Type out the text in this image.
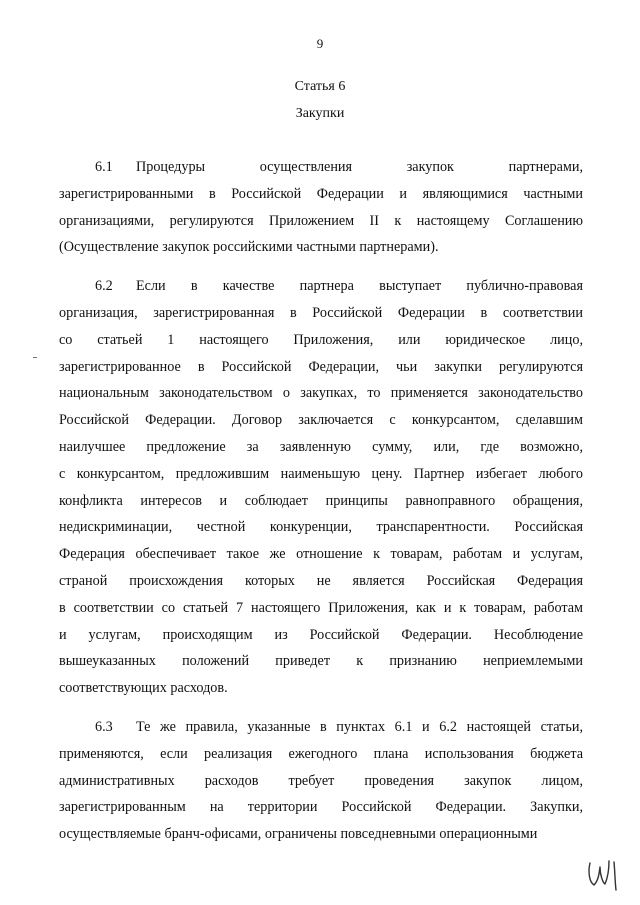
9
Статья 6
Закупки
6.1 Процедуры осуществления закупок партнерами,
зарегистрированными в Российской Федерации и являющимися частными
организациями, регулируются Приложением II к настоящему Соглашению
(Осуществление закупок российскими частными партнерами).
6.2 Если в качестве партнера выступает публично-правовая
организация, зарегистрированная в Российской Федерации в соответствии
со статьей 1 настоящего Приложения, или юридическое лицо,
зарегистрированное в Российской Федерации, чьи закупки регулируются
национальным законодательством о закупках, то применяется законодательство
Российской Федерации. Договор заключается с конкурсантом, сделавшим
наилучшее предложение за заявленную сумму, или, где возможно,
с конкурсантом, предложившим наименьшую цену. Партнер избегает любого
конфликта интересов и соблюдает принципы равноправного обращения,
недискриминации, честной конкуренции, транспарентности. Российская
Федерация обеспечивает такое же отношение к товарам, работам и услугам,
страной происхождения которых не является Российская Федерация
в соответствии со статьей 7 настоящего Приложения, как и к товарам, работам
и услугам, происходящим из Российской Федерации. Несоблюдение
вышеуказанных положений приведет к признанию неприемлемыми
соответствующих расходов.
6.3 Те же правила, указанные в пунктах 6.1 и 6.2 настоящей статьи,
применяются, если реализация ежегодного плана использования бюджета
административных расходов требует проведения закупок лицом,
зарегистрированным на территории Российской Федерации. Закупки,
осуществляемые бранч-офисами, ограничены повседневными операционными
